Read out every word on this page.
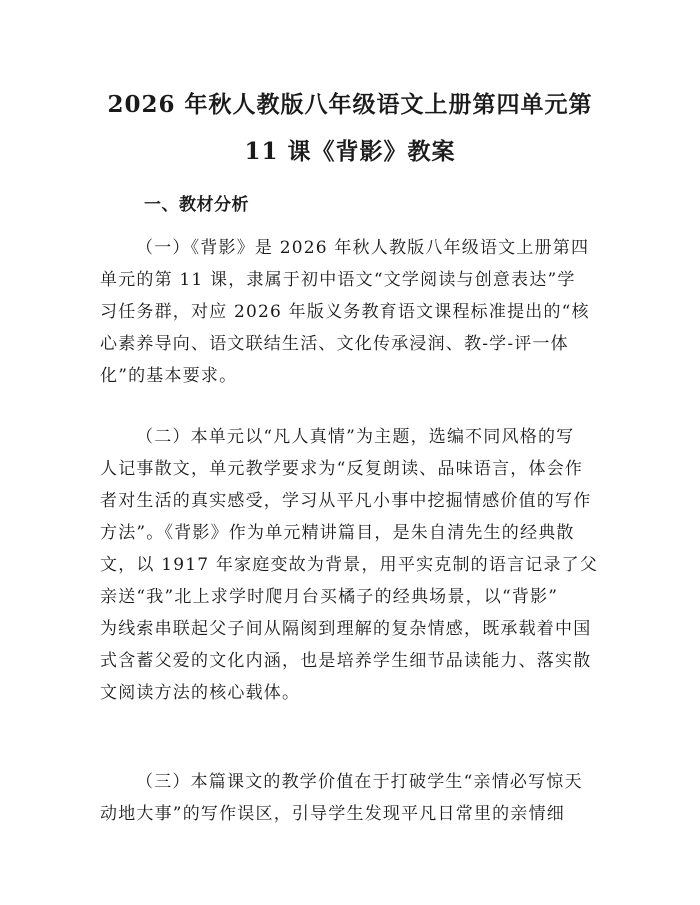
2026 年秋人教版八年级语文上册第四单元第
11 课《背影》教案
一、教材分析
（一）《背影》是 2026 年秋人教版八年级语文上册第四
单元的第 11 课，隶属于初中语文“文学阅读与创意表达”学
习任务群，对应 2026 年版义务教育语文课程标准提出的“核
心素养导向、语文联结生活、文化传承浸润、教-学-评一体
化”的基本要求。
（二）本单元以“凡人真情”为主题，选编不同风格的写
人记事散文，单元教学要求为“反复朗读、品味语言，体会作
者对生活的真实感受，学习从平凡小事中挖掘情感价值的写作
方法”。《背影》作为单元精讲篇目，是朱自清先生的经典散
文，以 1917 年家庭变故为背景，用平实克制的语言记录了父
亲送“我”北上求学时爬月台买橘子的经典场景，以“背影”
为线索串联起父子间从隔阂到理解的复杂情感，既承载着中国
式含蓄父爱的文化内涵，也是培养学生细节品读能力、落实散
文阅读方法的核心载体。
（三）本篇课文的教学价值在于打破学生“亲情必写惊天
动地大事”的写作误区，引导学生发现平凡日常里的亲情细
